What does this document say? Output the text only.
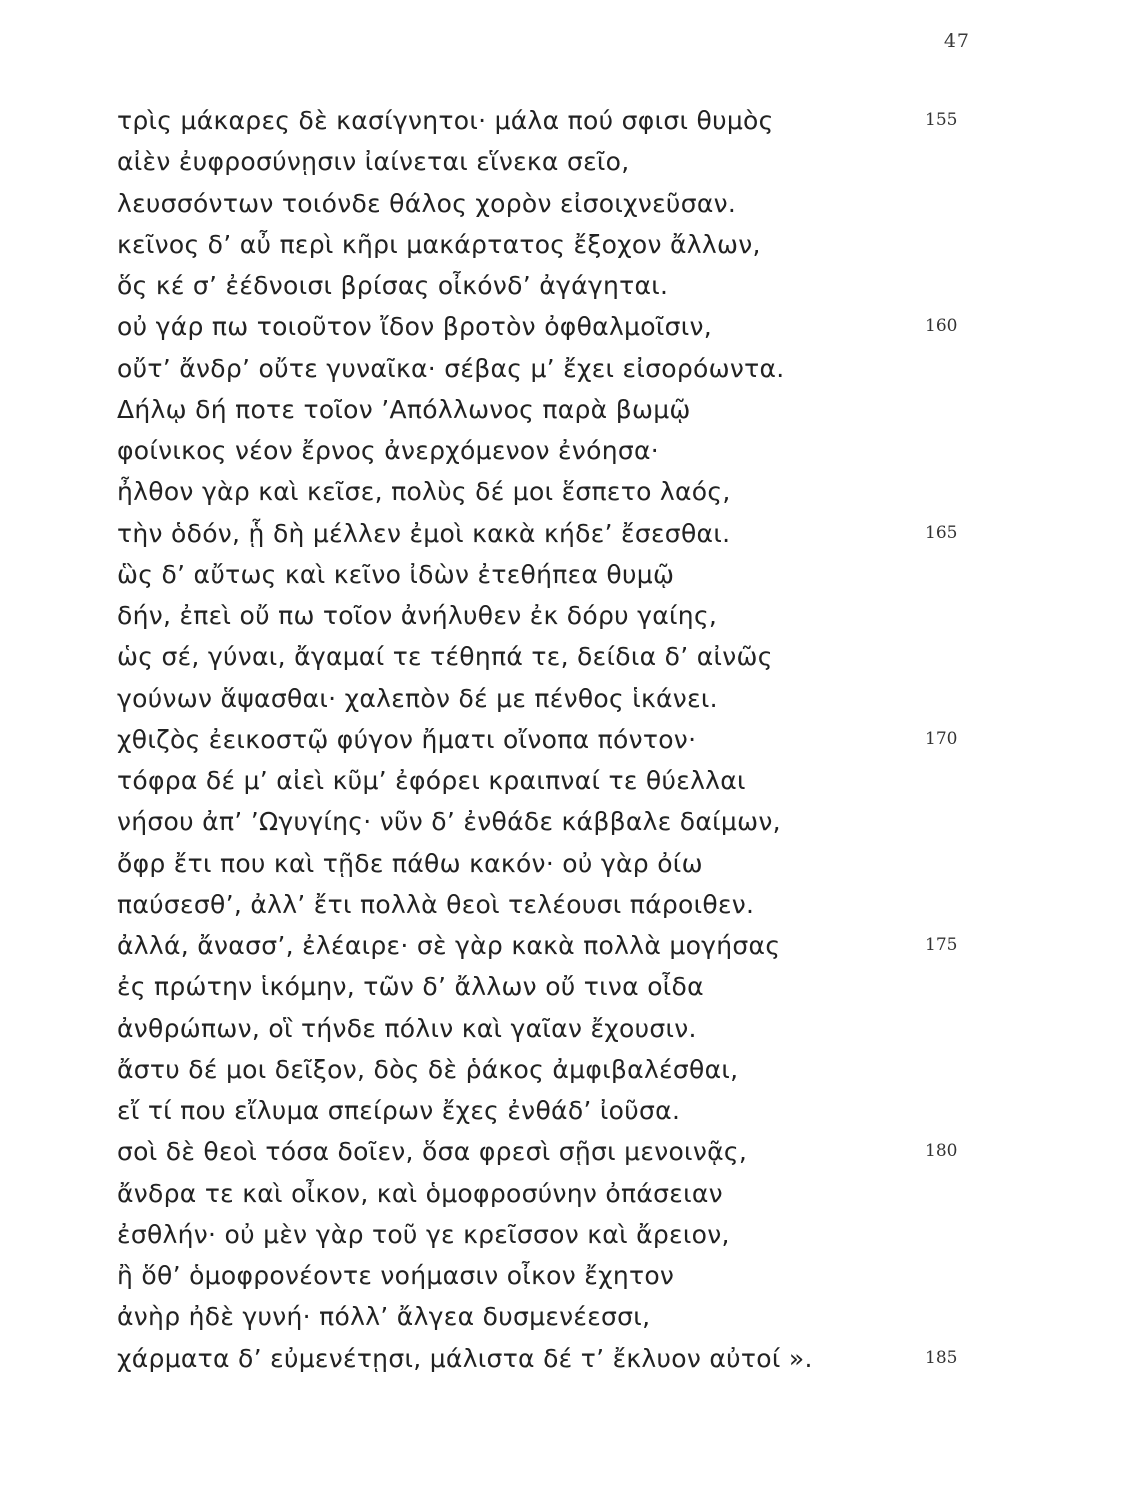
47
τρὶς μάκαρες δὲ κασίγνητοι· μάλα πού σφισι θυμὸς	155
αἰὲν ἐυφροσύνῃσιν ἰαίνεται εἵνεκα σεῖο,
λευσσόντων τοιόνδε θάλος χορὸν εἰσοιχνεῦσαν.
κεῖνος δ’ αὖ περὶ κῆρι μακάρτατος ἔξοχον ἄλλων,
ὅς κέ σ’ ἐέδνοισι βρίσας οἶκόνδ’ ἀγάγηται.
οὐ γάρ πω τοιοῦτον ἴδον βροτὸν ὀφθαλμοῖσιν,	160
οὔτ’ ἄνδρ’ οὔτε γυναῖκα· σέβας μ’ ἔχει εἰσορόωντα.
Δήλῳ δή ποτε τοῖον ’Απόλλωνος παρὰ βωμῷ
φοίνικος νέον ἔρνος ἀνερχόμενον ἐνόησα·
ἦλθον γὰρ καὶ κεῖσε, πολὺς δέ μοι ἕσπετο λαός,
τὴν ὁδόν, ᾗ δὴ μέλλεν ἐμοὶ κακὰ κήδε’ ἔσεσθαι.	165
ὣς δ’ αὔτως καὶ κεῖνο ἰδὼν ἐτεθήπεα θυμῷ
δήν, ἐπεὶ οὔ πω τοῖον ἀνήλυθεν ἐκ δόρυ γαίης,
ὡς σέ, γύναι, ἄγαμαί τε τέθηπά τε, δείδια δ’ αἰνῶς
γούνων ἅψασθαι· χαλεπὸν δέ με πένθος ἱκάνει.
χθιζὸς ἐεικοστῷ φύγον ἤματι οἴνοπα πόντον·	170
τόφρα δέ μ’ αἰεὶ κῦμ’ ἐφόρει κραιπναί τε θύελλαι
νήσου ἀπ’ ’Ωγυγίης· νῦν δ’ ἐνθάδε κάββαλε δαίμων,
ὄφρ ἔτι που καὶ τῇδε πάθω κακόν· οὐ γὰρ ὀίω
παύσεσθ’, ἀλλ’ ἔτι πολλὰ θεοὶ τελέουσι πάροιθεν.
ἀλλά, ἄνασσ’, ἐλέαιρε· σὲ γὰρ κακὰ πολλὰ μογήσας	175
ἐς πρώτην ἱκόμην, τῶν δ’ ἄλλων οὔ τινα οἶδα
ἀνθρώπων, οἳ τήνδε πόλιν καὶ γαῖαν ἔχουσιν.
ἄστυ δέ μοι δεῖξον, δὸς δὲ ῥάκος ἀμφιβαλέσθαι,
εἴ τί που εἴλυμα σπείρων ἔχες ἐνθάδ’ ἰοῦσα.
σοὶ δὲ θεοὶ τόσα δοῖεν, ὅσα φρεσὶ σῇσι μενοινᾷς,	180
ἄνδρα τε καὶ οἶκον, καὶ ὁμοφροσύνην ὀπάσειαν
ἐσθλήν· οὐ μὲν γὰρ τοῦ γε κρεῖσσον καὶ ἄρειον,
ἢ ὅθ’ ὁμοφρονέοντε νοήμασιν οἶκον ἔχητον
ἀνὴρ ἠδὲ γυνή· πόλλ’ ἄλγεα δυσμενέεσσι,
χάρματα δ’ εὐμενέτῃσι, μάλιστα δέ τ’ ἔκλυον αὐτοί ».	185
